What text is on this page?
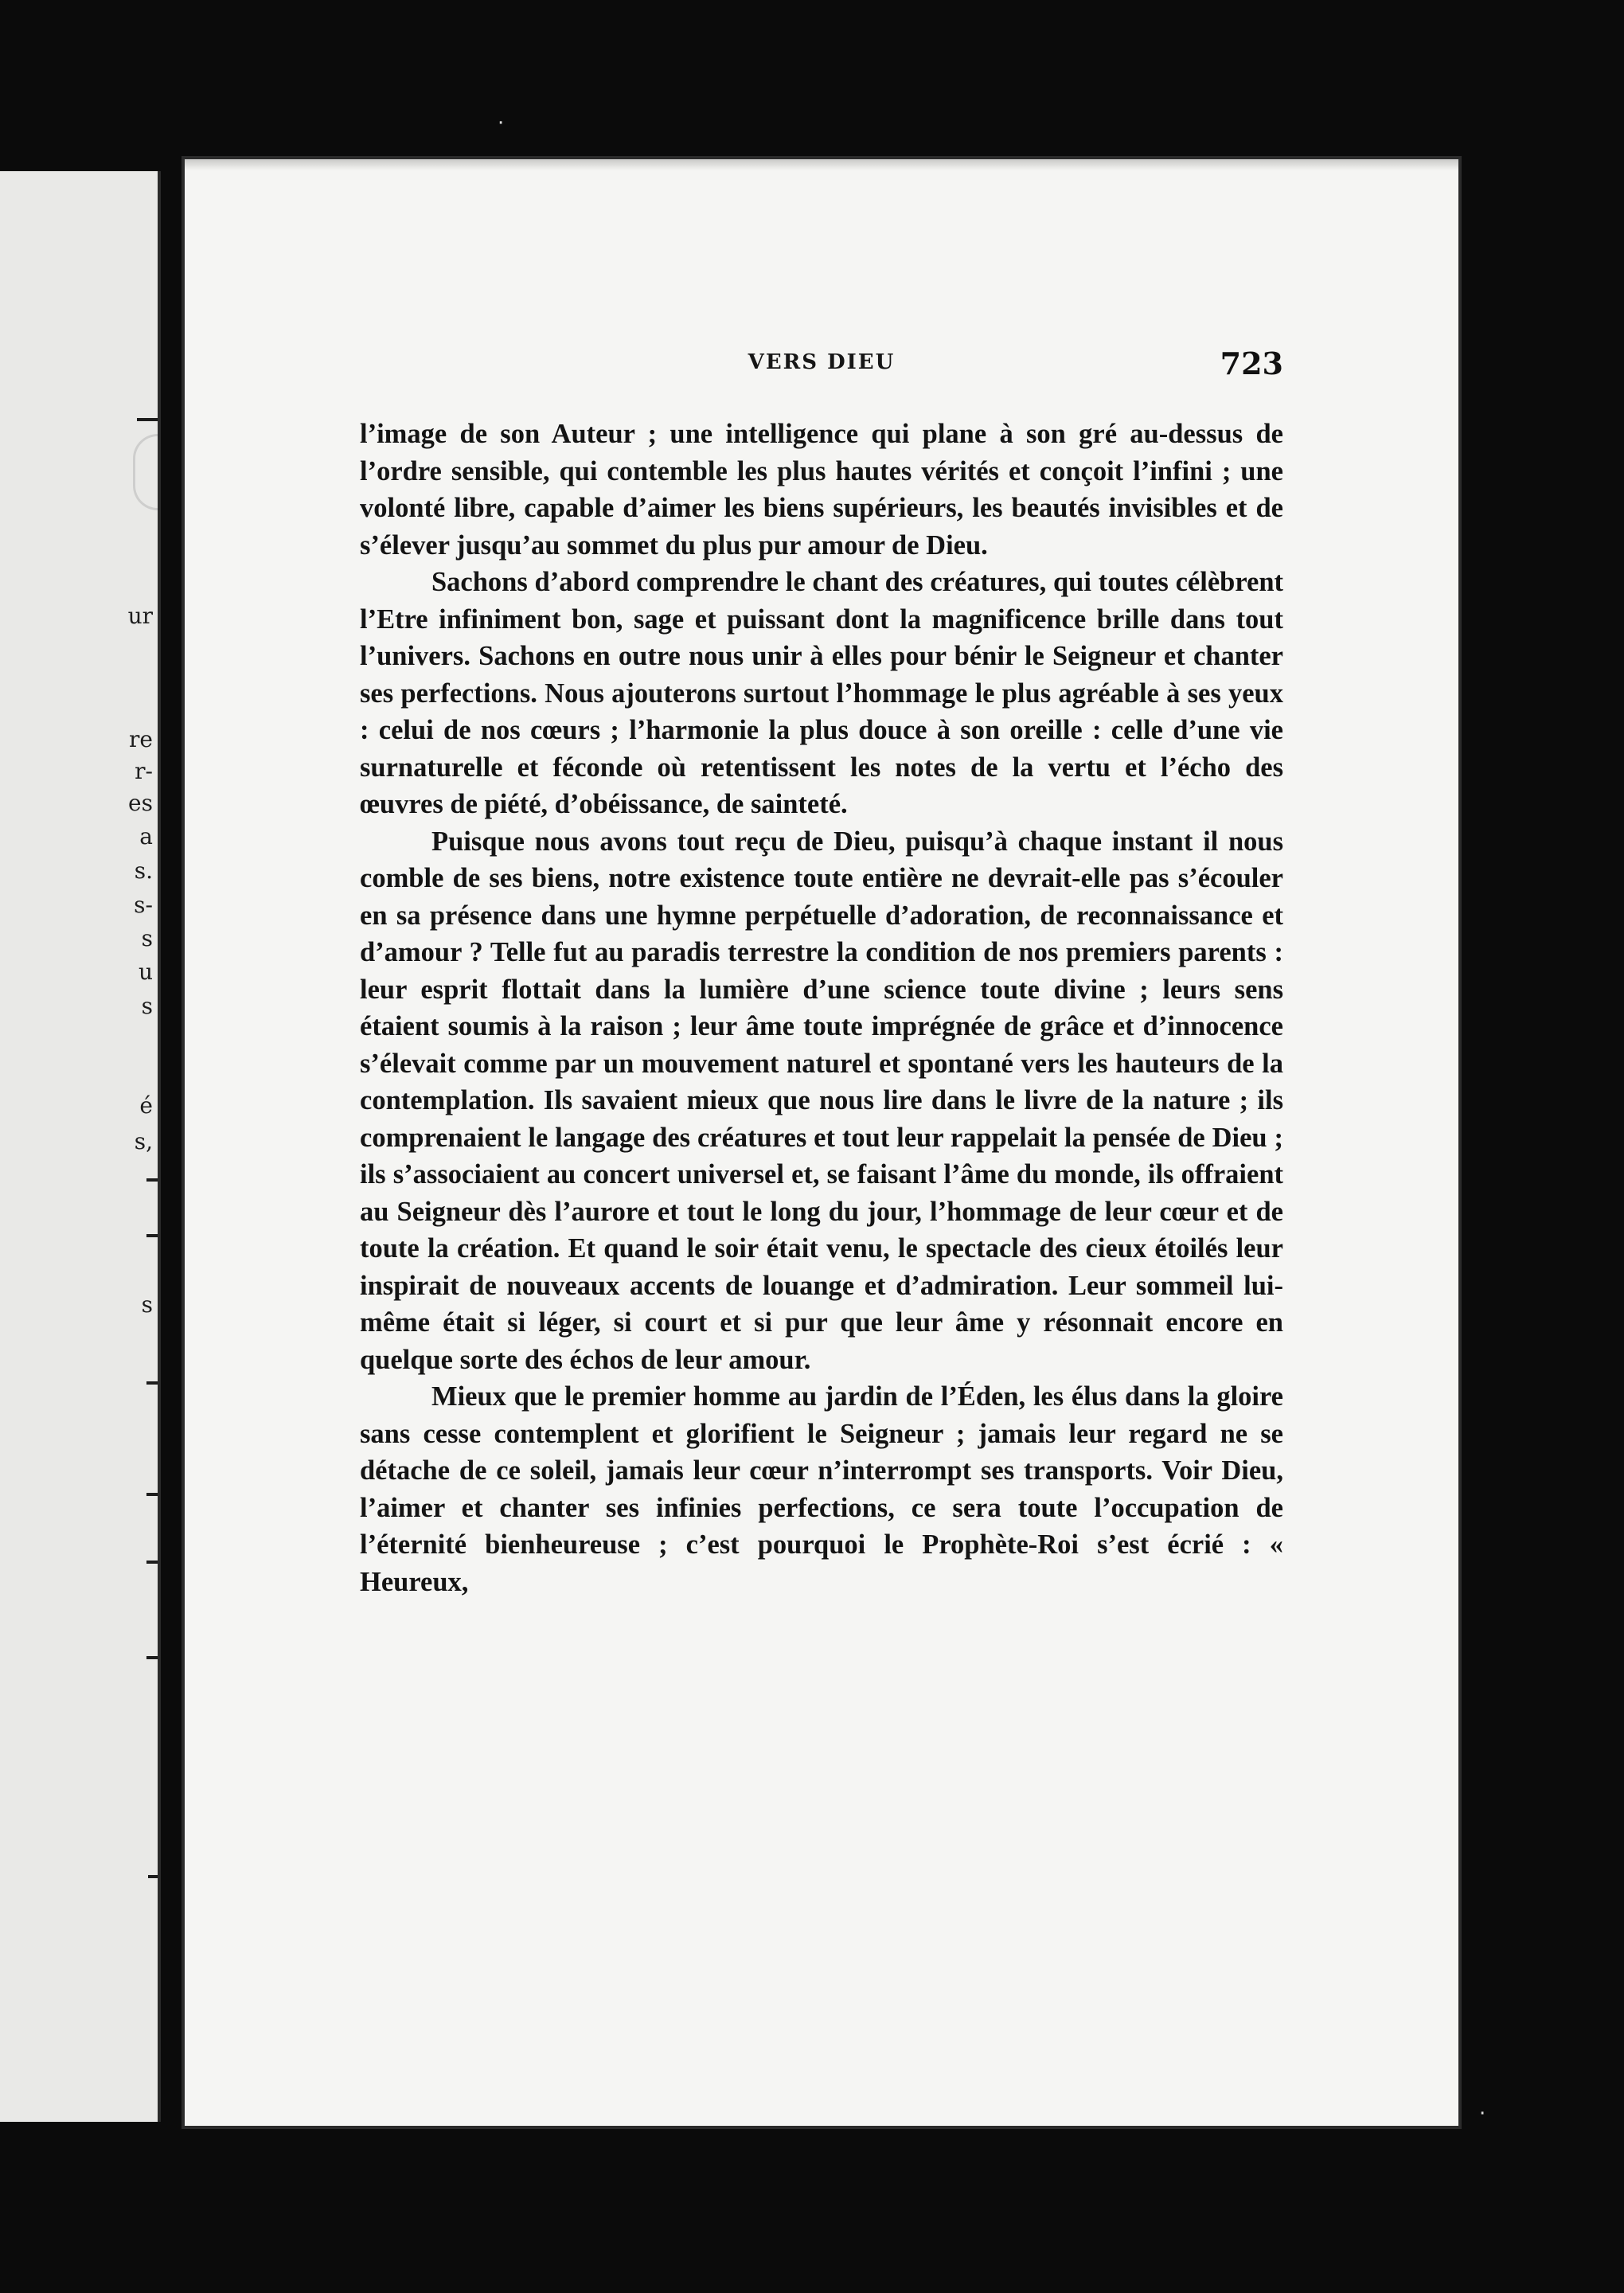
ur
re
r-
es
a
s.
s-
s
u
s
é
s,
s
VERS DIEU	723

l’image de son Auteur ; une intelligence qui plane à son gré au-dessus de l’ordre sensible, qui contemble les plus hautes vérités et conçoit l’infini ; une volonté libre, capable d’aimer les biens supérieurs, les beautés invisibles et de s’élever jusqu’au sommet du plus pur amour de Dieu.

Sachons d’abord comprendre le chant des créatures, qui toutes célèbrent l’Etre infiniment bon, sage et puissant dont la magnificence brille dans tout l’univers. Sachons en outre nous unir à elles pour bénir le Seigneur et chanter ses perfections. Nous ajouterons surtout l’hommage le plus agréable à ses yeux : celui de nos cœurs ; l’harmonie la plus douce à son oreille : celle d’une vie surnaturelle et féconde où retentissent les notes de la vertu et l’écho des œuvres de piété, d’obéissance, de sainteté.

Puisque nous avons tout reçu de Dieu, puisqu’à chaque instant il nous comble de ses biens, notre existence toute entière ne devrait-elle pas s’écouler en sa présence dans une hymne perpétuelle d’adoration, de reconnaissance et d’amour ? Telle fut au paradis terrestre la condition de nos premiers parents : leur esprit flottait dans la lumière d’une science toute divine ; leurs sens étaient soumis à la raison ; leur âme toute imprégnée de grâce et d’innocence s’élevait comme par un mouvement naturel et spontané vers les hauteurs de la contemplation. Ils savaient mieux que nous lire dans le livre de la nature ; ils comprenaient le langage des créatures et tout leur rappelait la pensée de Dieu ; ils s’associaient au concert universel et, se faisant l’âme du monde, ils offraient au Seigneur dès l’aurore et tout le long du jour, l’hommage de leur cœur et de toute la création. Et quand le soir était venu, le spectacle des cieux étoilés leur inspirait de nouveaux accents de louange et d’admiration. Leur sommeil lui-même était si léger, si court et si pur que leur âme y résonnait encore en quelque sorte des échos de leur amour.

Mieux que le premier homme au jardin de l’Éden, les élus dans la gloire sans cesse contemplent et glorifient le Seigneur ; jamais leur regard ne se détache de ce soleil, jamais leur cœur n’interrompt ses transports. Voir Dieu, l’aimer et chanter ses infinies perfections, ce sera toute l’occupation de l’éternité bienheureuse ; c’est pourquoi le Prophète-Roi s’est écrié : « Heureux,

·
·
